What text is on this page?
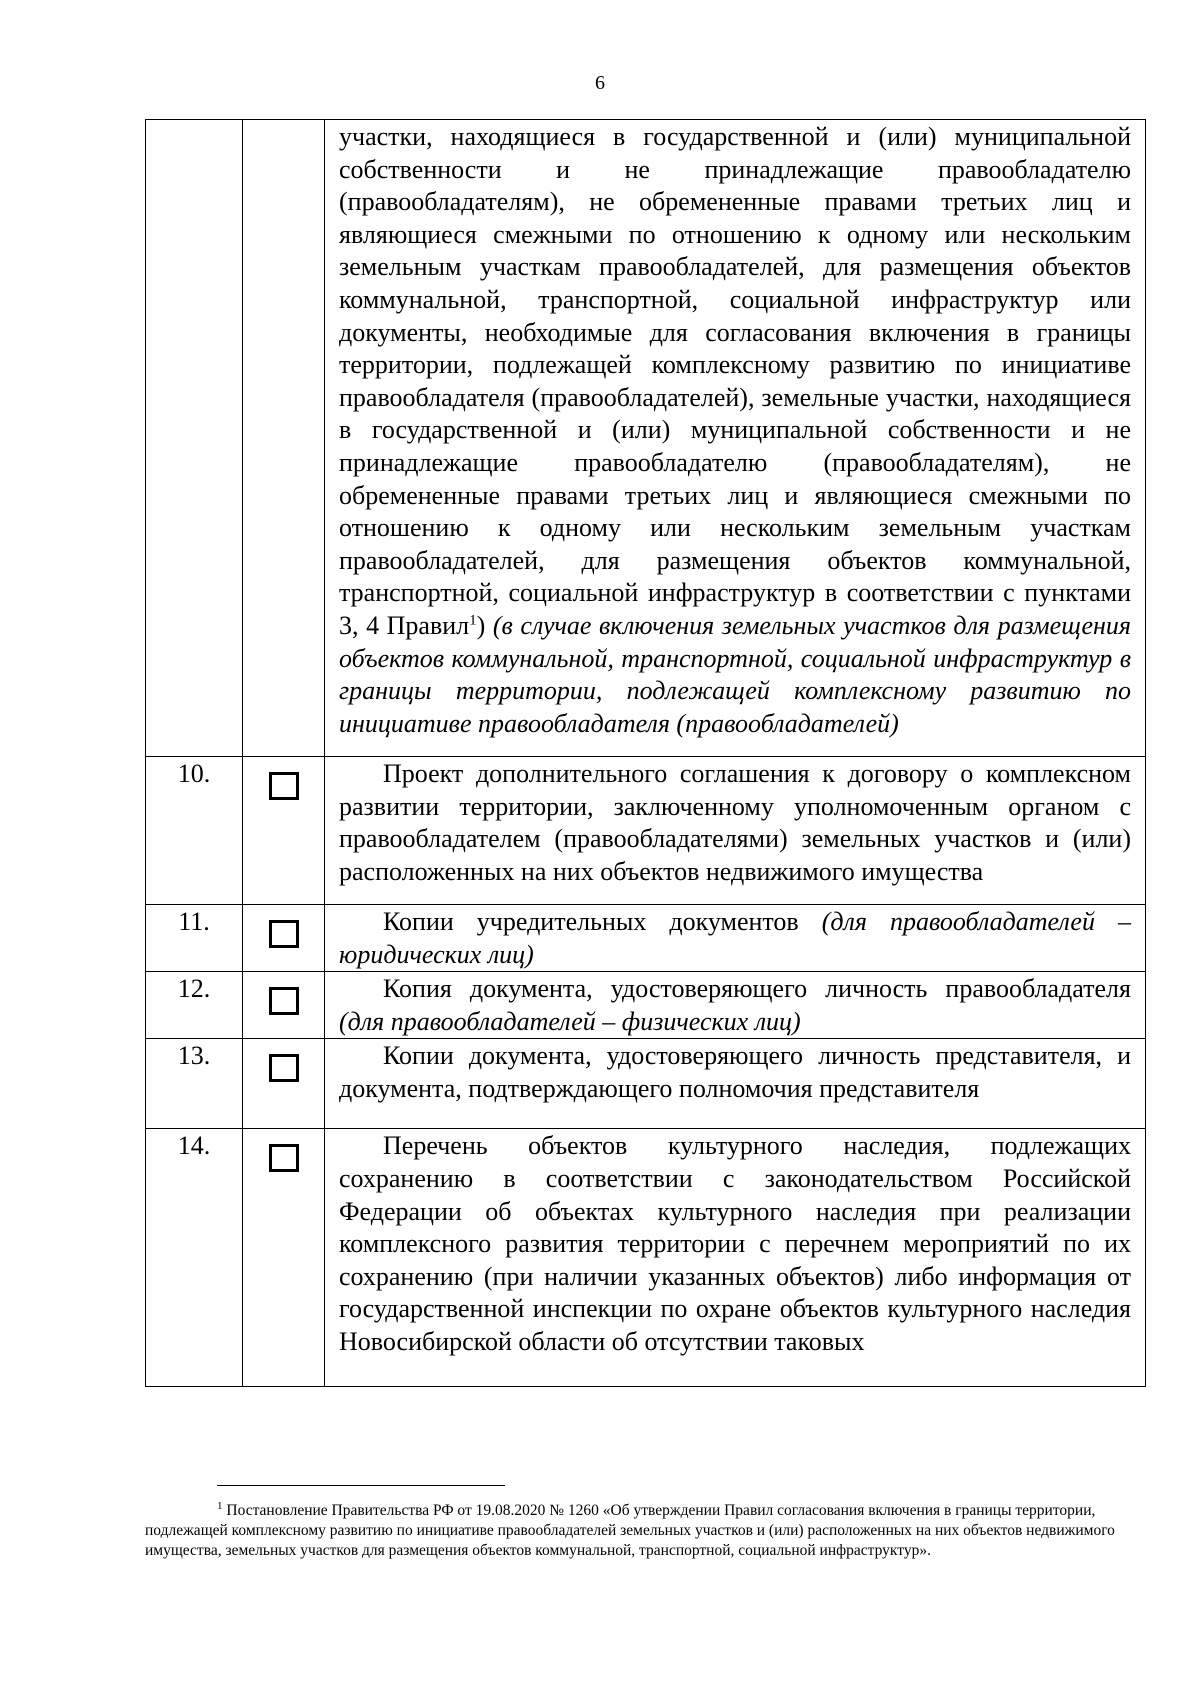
6
		участки, находящиеся в государственной и (или) муниципальной собственности и не принадлежащие правообладателю (правообладателям), не обремененные правами третьих лиц и являющиеся смежными по отношению к одному или нескольким земельным участкам правообладателей, для размещения объектов коммунальной, транспортной, социальной инфраструктур или документы, необходимые для согласования включения в границы территории, подлежащей комплексному развитию по инициативе правообладателя (правообладателей), земельные участки, находящиеся в государственной и (или) муниципальной собственности и не принадлежащие правообладателю (правообладателям), не обремененные правами третьих лиц и являющиеся смежными по отношению к одному или нескольким земельным участкам правообладателей, для размещения объектов коммунальной, транспортной, социальной инфраструктур в соответствии с пунктами 3, 4 Правил$^1$) (в случае включения земельных участков для размещения объектов коммунальной, транспортной, социальной инфраструктур в границы территории, подлежащей комплексному развитию по инициативе правообладателя (правообладателей)
10.		Проект дополнительного соглашения к договору о комплексном развитии территории, заключенному уполномоченным органом с правообладателем (правообладателями) земельных участков и (или) расположенных на них объектов недвижимого имущества
11.		Копии учредительных документов (для правообладателей – юридических лиц)
12.		Копия документа, удостоверяющего личность правообладателя (для правообладателей – физических лиц)
13.		Копии документа, удостоверяющего личность представителя, и документа, подтверждающего полномочия представителя
14.		Перечень объектов культурного наследия, подлежащих сохранению в соответствии с законодательством Российской Федерации об объектах культурного наследия при реализации комплексного развития территории с перечнем мероприятий по их сохранению (при наличии указанных объектов) либо информация от государственной инспекции по охране объектов культурного наследия Новосибирской области об отсутствии таковых
$^1$ Постановление Правительства РФ от 19.08.2020 № 1260 «Об утверждении Правил согласования включения в границы территории, подлежащей комплексному развитию по инициативе правообладателей земельных участков и (или) расположенных на них объектов недвижимого имущества, земельных участков для размещения объектов коммунальной, транспортной, социальной инфраструктур».
